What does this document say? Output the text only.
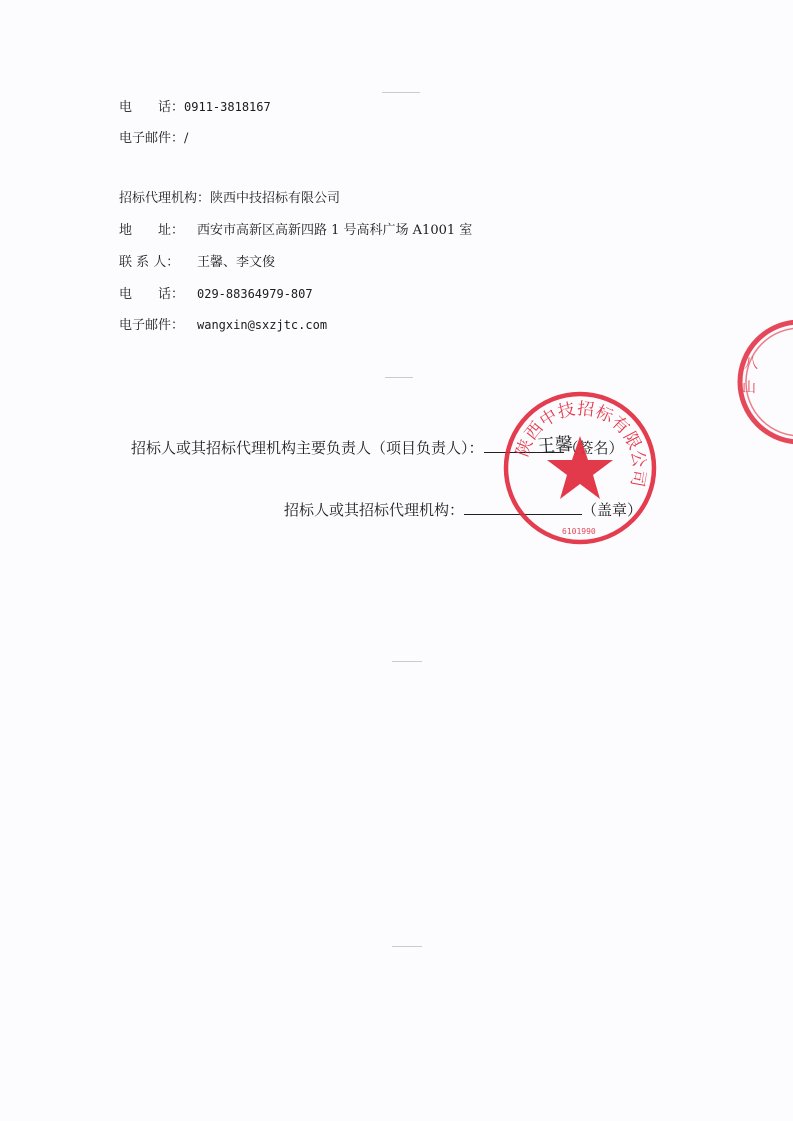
电　　话：0911-3818167
电子邮件：/
招标代理机构：陕西中技招标有限公司
地　　址： 西安市高新区高新四路 1 号高科广场 A1001 室
联 系 人： 王馨、李文俊
电　　话： 029-88364979-807
电子邮件： wangxin@sxzjtc.com
八
山
招标人或其招标代理机构主要负责人（项目负责人）：	（签名）
招标人或其招标代理机构：	（盖章）
陕
西
中
技 招
标
有
限
公
司
6101990
王馨
